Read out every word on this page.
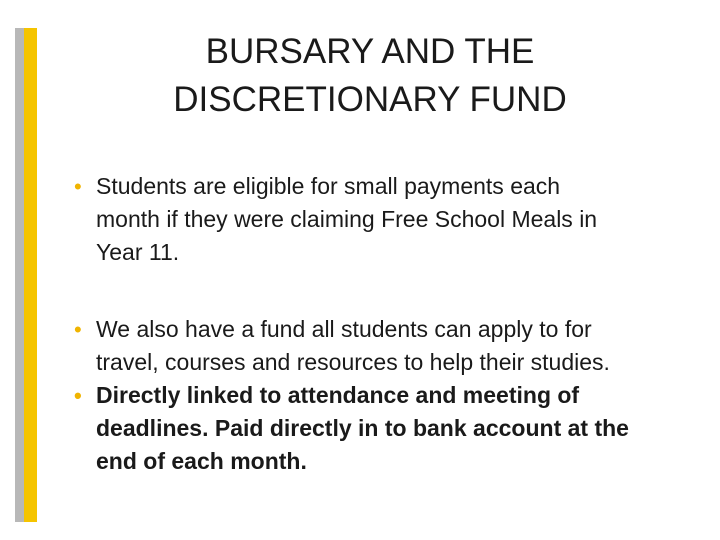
BURSARY AND THE
DISCRETIONARY FUND
• Students are eligible for small payments each
month if they were claiming Free School Meals in
Year 11.
• We also have a fund all students can apply to for
travel, courses and resources to help their studies.
• Directly linked to attendance and meeting of
deadlines. Paid directly in to bank account at the
end of each month.
